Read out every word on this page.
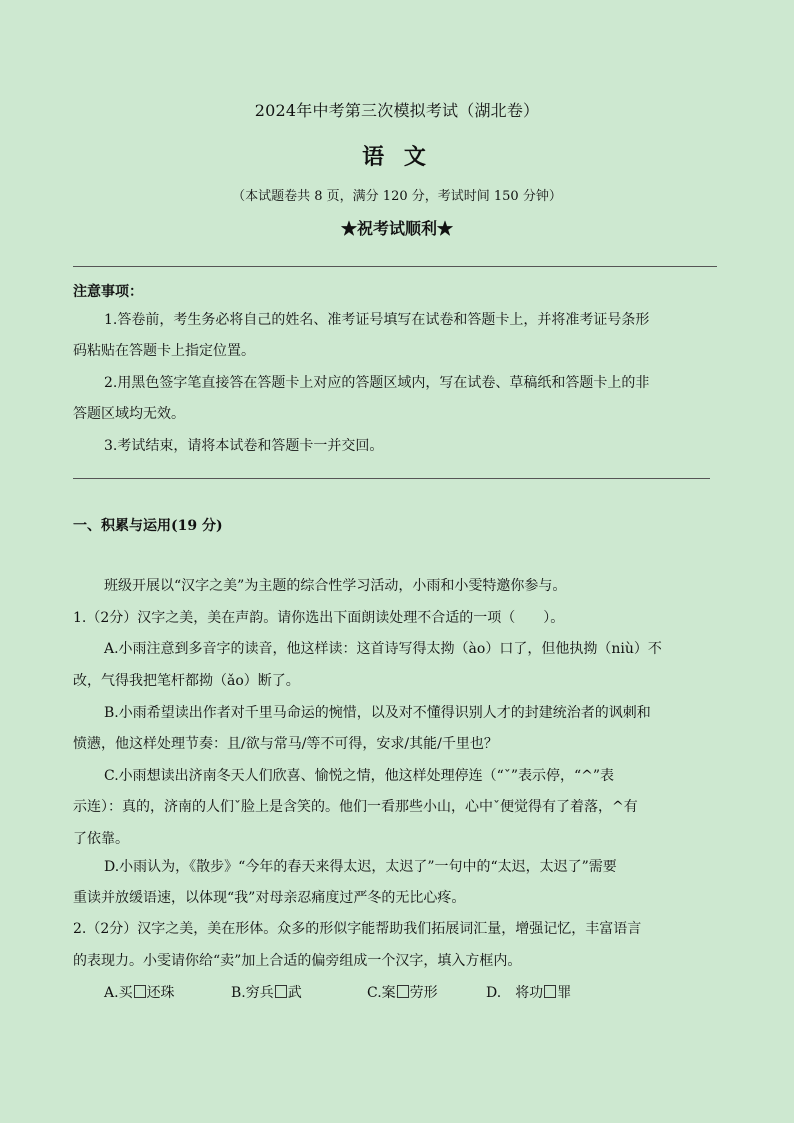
2024年中考第三次模拟考试（湖北卷）
语 文
（本试题卷共 8 页，满分 120 分，考试时间 150 分钟）
★祝考试顺利★
注意事项：
1.答卷前，考生务必将自己的姓名、准考证号填写在试卷和答题卡上，并将准考证号条形
码粘贴在答题卡上指定位置。
2.用黑色签字笔直接答在答题卡上对应的答题区域内，写在试卷、草稿纸和答题卡上的非
答题区域均无效。
3.考试结束，请将本试卷和答题卡一并交回。
一、积累与运用(19 分)
班级开展以“汉字之美”为主题的综合性学习活动，小雨和小雯特邀你参与。
1.（2分）汉字之美，美在声韵。请你选出下面朗读处理不合适的一项（　　）。
A.小雨注意到多音字的读音，他这样读：这首诗写得太拗（ào）口了，但他执拗（niù）不
改，气得我把笔杆都拗（ǎo）断了。
B.小雨希望读出作者对千里马命运的惋惜，以及对不懂得识别人才的封建统治者的讽刺和
愤懑，他这样处理节奏：且/欲与常马/等不可得，安求/其能/千里也？
C.小雨想读出济南冬天人们欣喜、愉悦之情，他这样处理停连（“ˇ”表示停，“^”表
示连）：真的，济南的人们ˇ脸上是含笑的。他们一看那些小山，心中ˇ便觉得有了着落，^有
了依靠。
D.小雨认为，《散步》“今年的春天来得太迟，太迟了”一句中的“太迟，太迟了”需要
重读并放缓语速，以体现“我”对母亲忍痛度过严冬的无比心疼。
2.（2分）汉字之美，美在形体。众多的形似字能帮助我们拓展词汇量，增强记忆，丰富语言
的表现力。小雯请你给“卖”加上合适的偏旁组成一个汉字，填入方框内。
A.买 还珠	B.穷兵 武	C.案 劳形	D.　将功 罪
